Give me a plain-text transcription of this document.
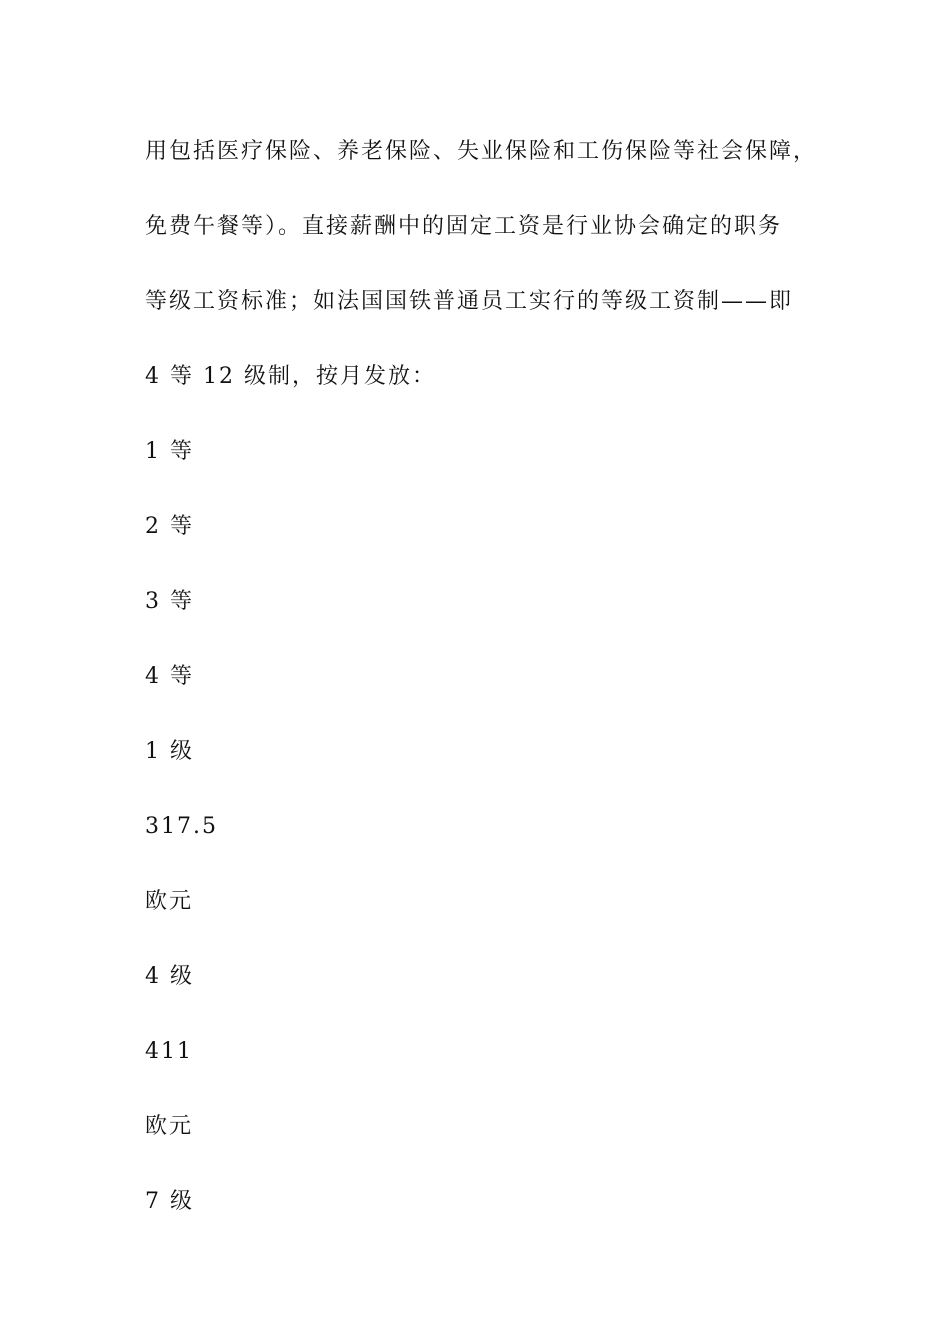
用包括医疗保险、养老保险、失业保险和工伤保险等社会保障，
免费午餐等）。直接薪酬中的固定工资是行业协会确定的职务
等级工资标准；如法国国铁普通员工实行的等级工资制——即
4 等 12 级制，按月发放：
1 等
2 等
3 等
4 等
1 级
317.5
欧元
4 级
411
欧元
7 级
